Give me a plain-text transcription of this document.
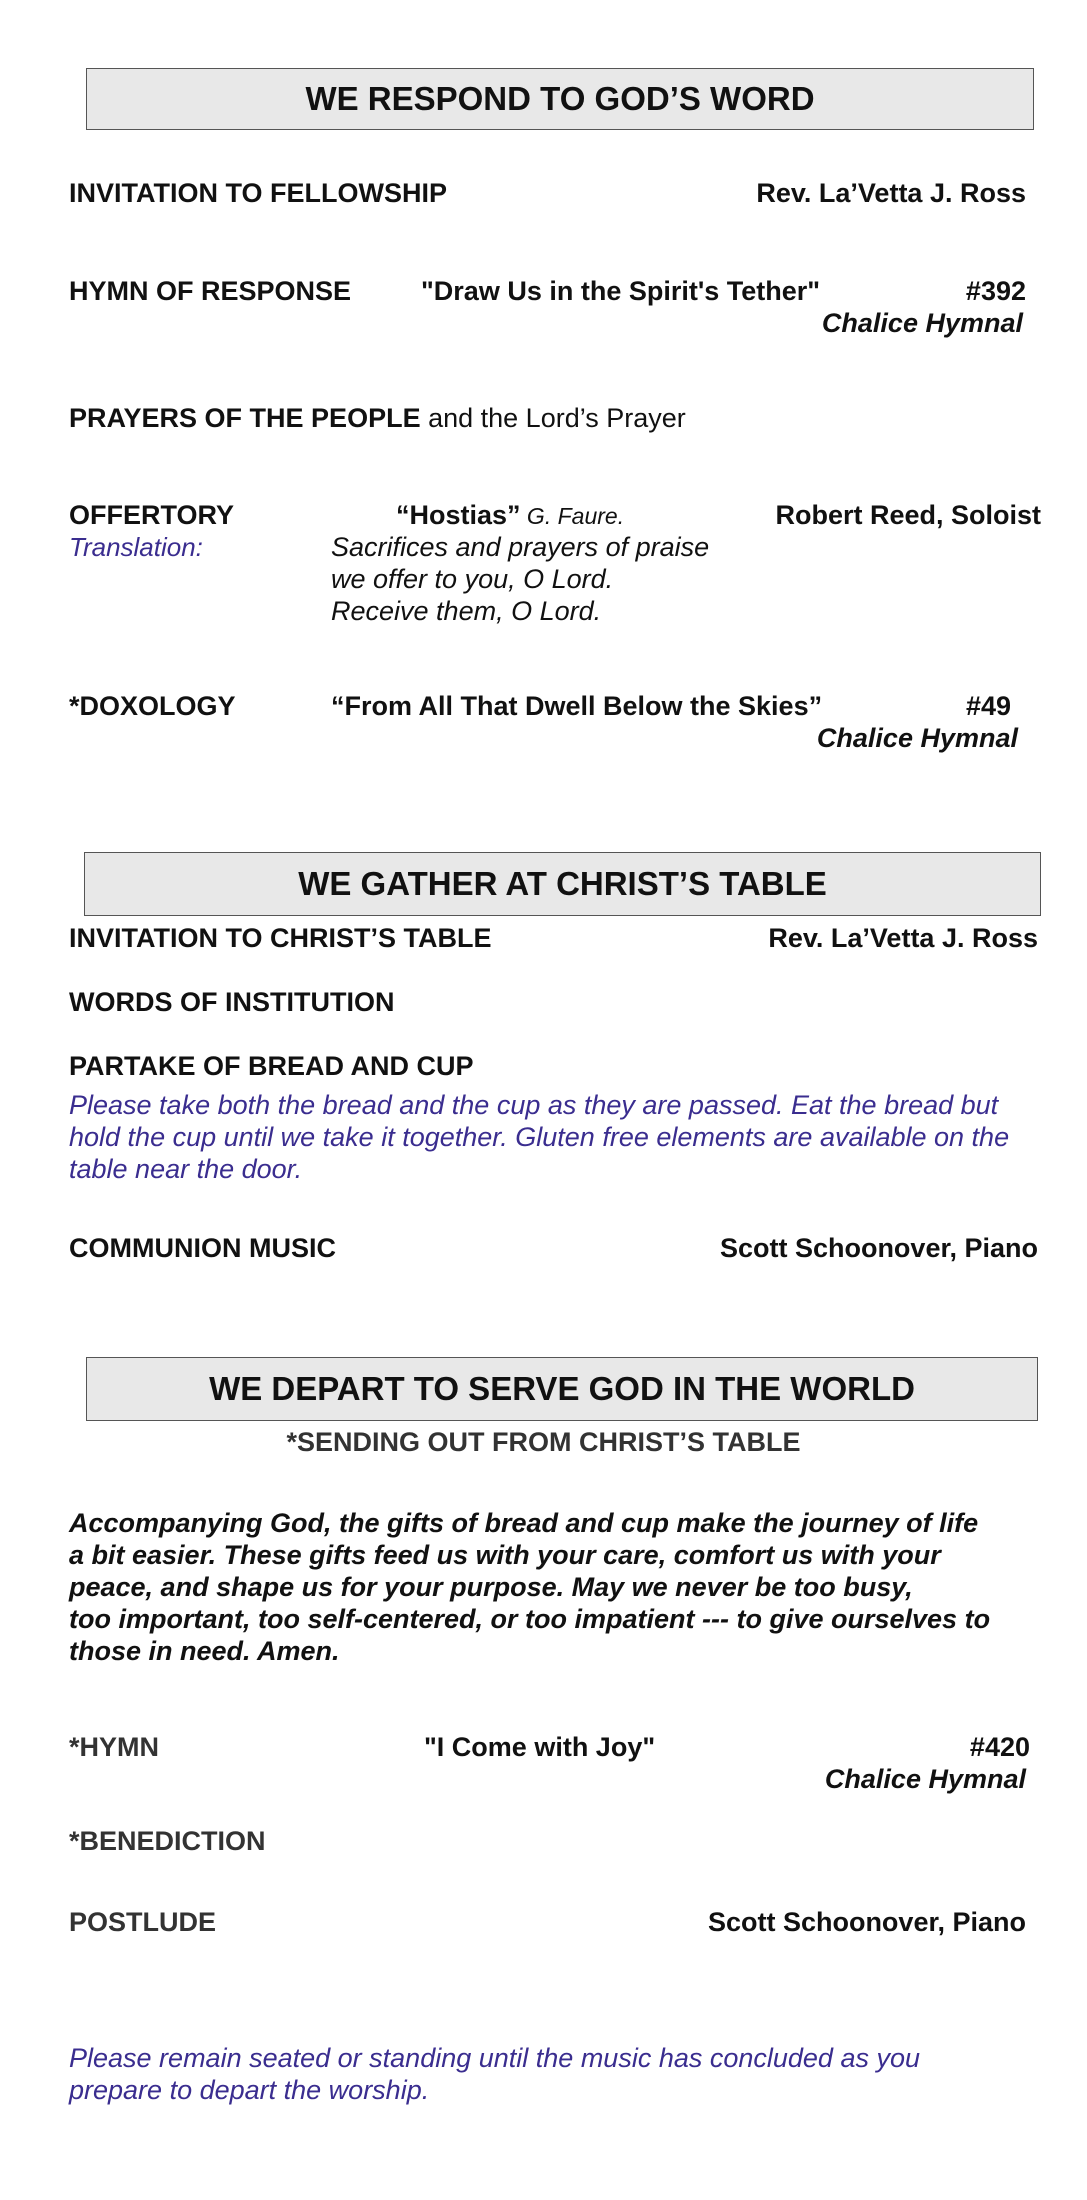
WE RESPOND TO GOD’S WORD
INVITATION TO FELLOWSHIP	Rev. La’Vetta J. Ross
HYMN OF RESPONSE	"Draw Us in the Spirit's Tether"	#392
Chalice Hymnal
PRAYERS OF THE PEOPLE and the Lord’s Prayer
OFFERTORY	“Hostias” G. Faure.	Robert Reed, Soloist
Translation:	Sacrifices and prayers of praise
we offer to you, O Lord.
Receive them, O Lord.
*DOXOLOGY	“From All That Dwell Below the Skies”	#49
Chalice Hymnal
WE GATHER AT CHRIST’S TABLE
INVITATION TO CHRIST’S TABLE	Rev. La’Vetta J. Ross
WORDS OF INSTITUTION
PARTAKE OF BREAD AND CUP
Please take both the bread and the cup as they are passed. Eat the bread but hold the cup until we take it together. Gluten free elements are available on the table near the door.
COMMUNION MUSIC	Scott Schoonover, Piano
WE DEPART TO SERVE GOD IN THE WORLD
*SENDING OUT FROM CHRIST’S TABLE
Accompanying God, the gifts of bread and cup make the journey of life
a bit easier. These gifts feed us with your care, comfort us with your
peace, and shape us for your purpose. May we never be too busy,
too important, too self-centered, or too impatient --- to give ourselves to
those in need. Amen.
*HYMN	"I Come with Joy"	#420
Chalice Hymnal
*BENEDICTION
POSTLUDE	Scott Schoonover, Piano
Please remain seated or standing until the music has concluded as you prepare to depart the worship.
